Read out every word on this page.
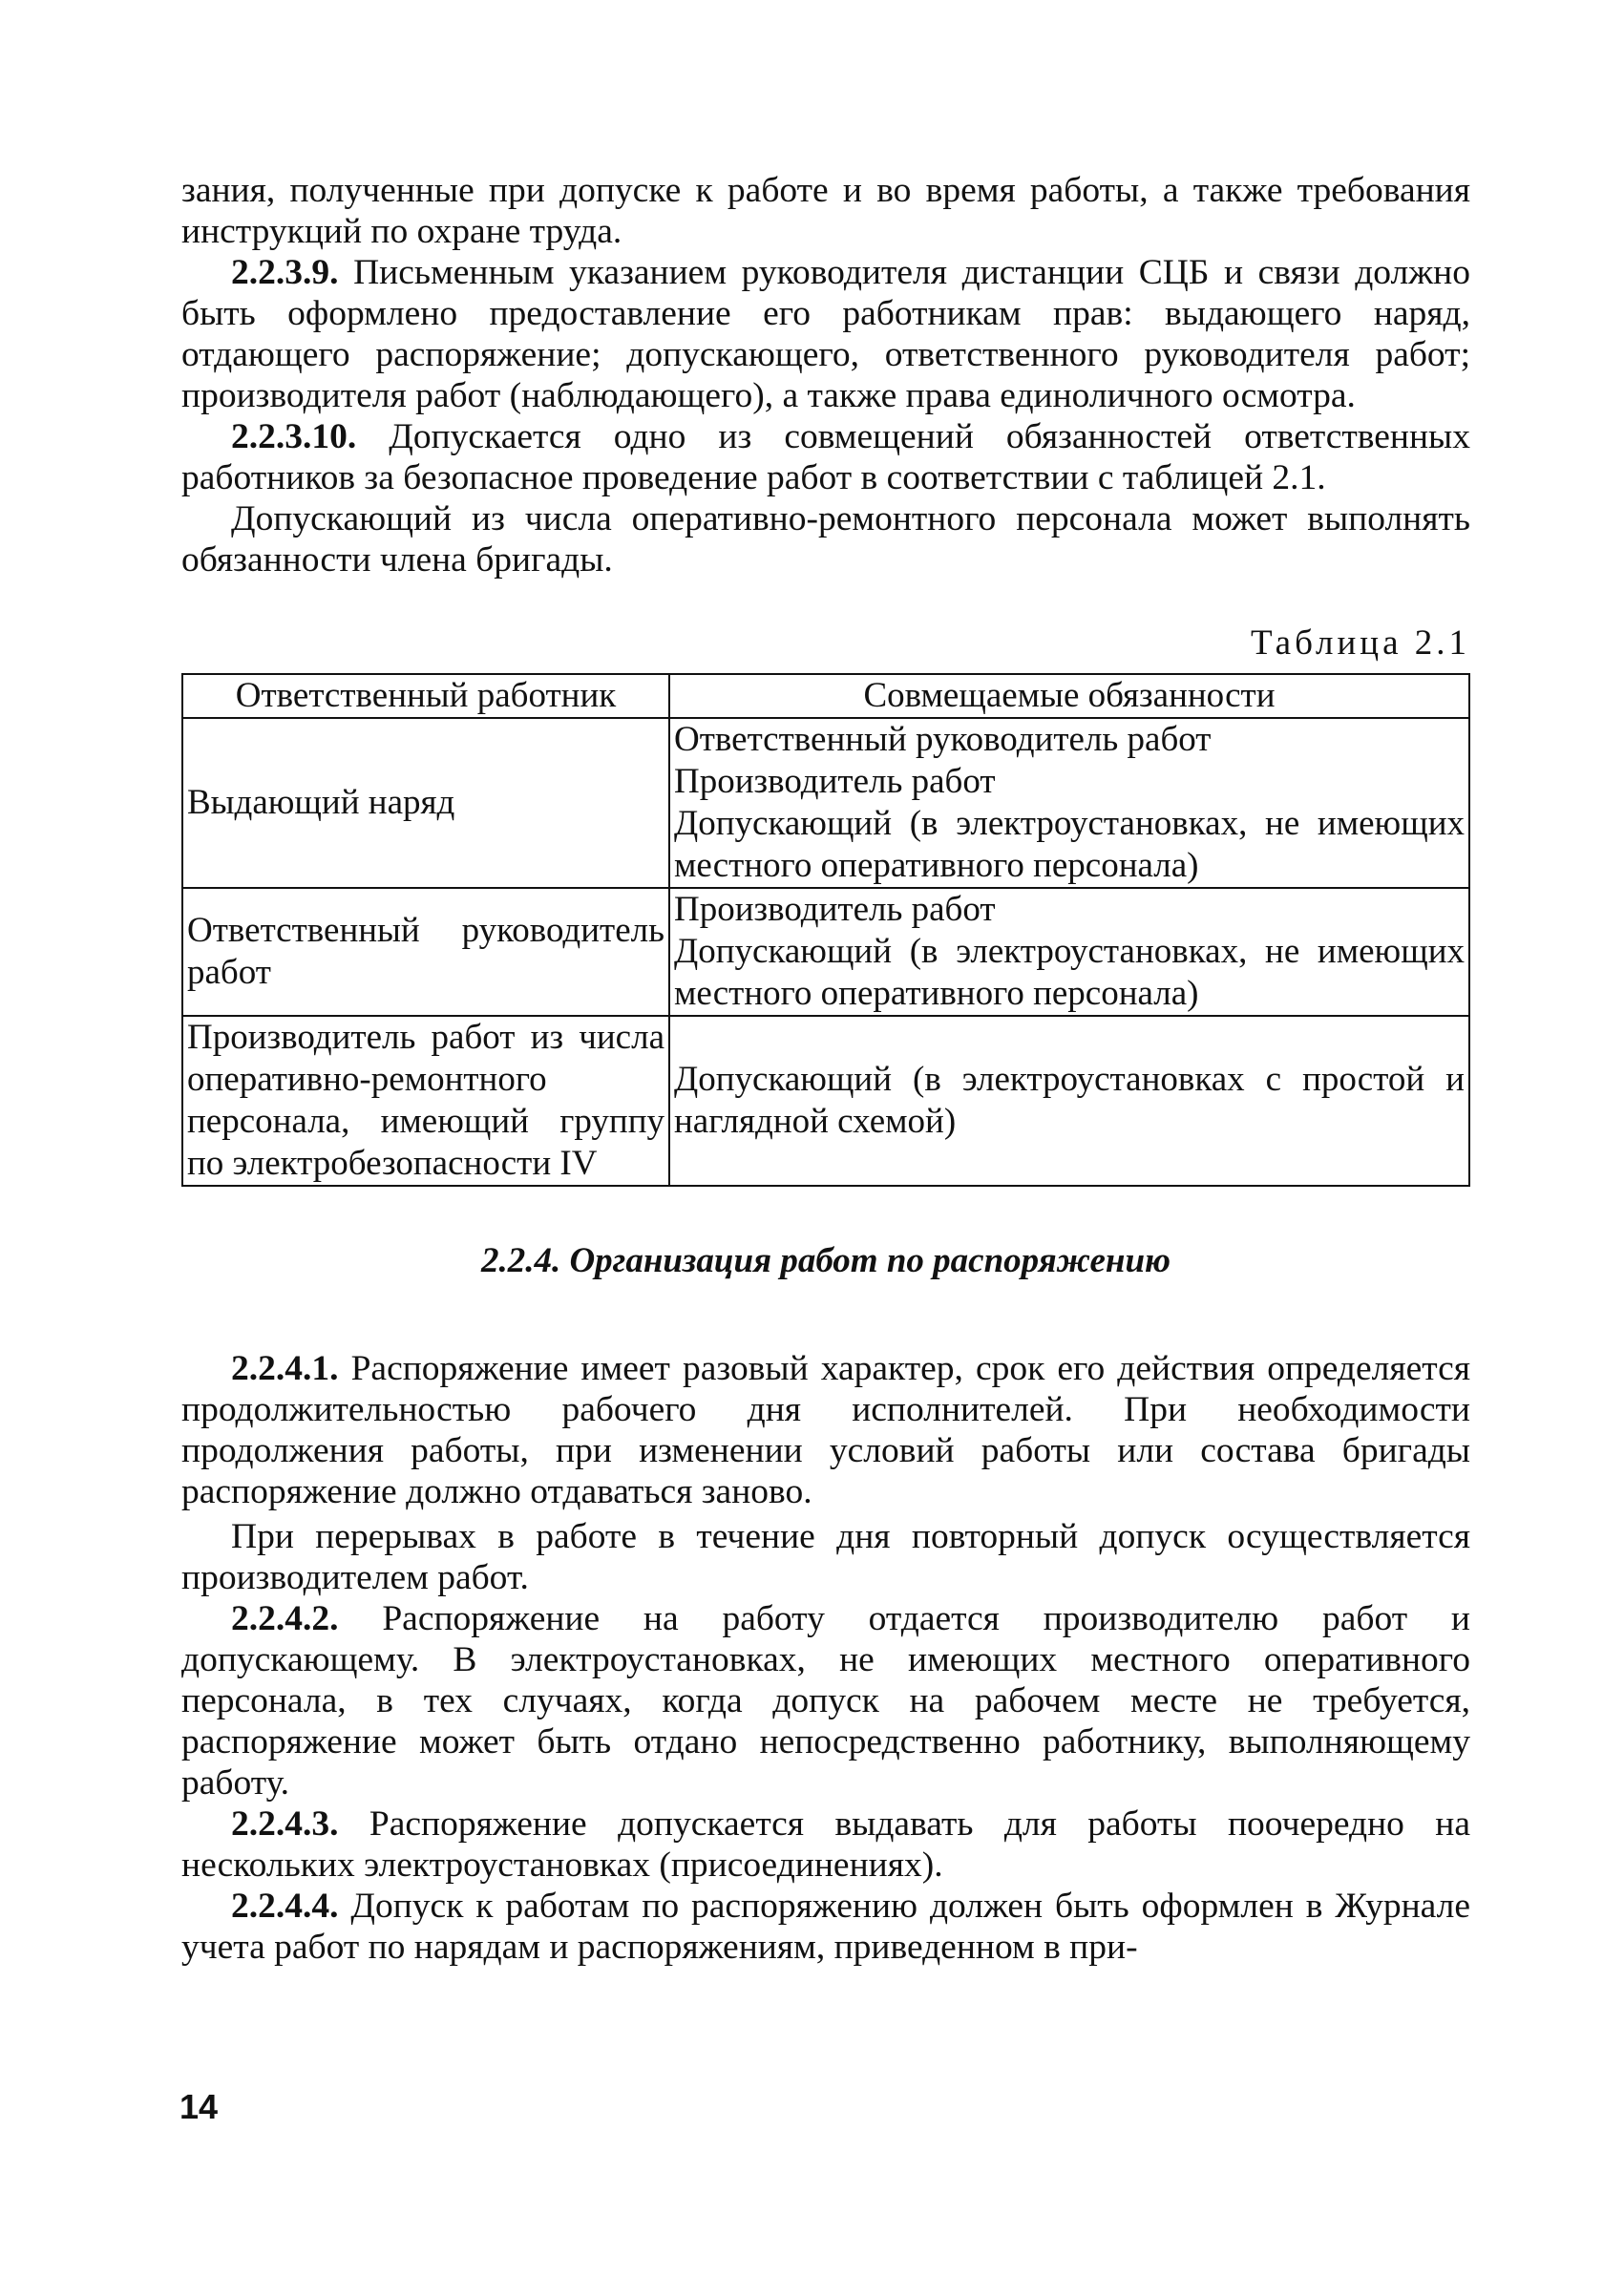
зания, полученные при допуске к работе и во время работы, а также требования инструкций по охране труда.

2.2.3.9. Письменным указанием руководителя дистанции СЦБ и связи должно быть оформлено предоставление его работникам прав: выдающего наряд, отдающего распоряжение; допускающего, ответственного руководителя работ; производителя работ (наблюдающего), а также права единоличного осмотра.

2.2.3.10. Допускается одно из совмещений обязанностей ответственных работников за безопасное проведение работ в соответствии с таблицей 2.1.

Допускающий из числа оперативно-ремонтного персонала может выполнять обязанности члена бригады.

Таблица 2.1
Ответственный работник	Совмещаемые обязанности
Выдающий наряд	Ответственный руководитель работ
Производитель работ
Допускающий (в электроустановках, не имеющих местного оперативного персонала)

Ответственный руководитель работ	Производитель работ
Допускающий (в электроустановках, не имеющих местного оперативного персонала)

Производитель работ из числа оперативно-ремонтного персонала, имеющий группу по электробезопасности IV	Допускающий (в электроустановках с простой и наглядной схемой)
2.2.4. Организация работ по распоряжению

2.2.4.1. Распоряжение имеет разовый характер, срок его действия определяется продолжительностью рабочего дня исполнителей. При необходимости продолжения работы, при изменении условий работы или состава бригады распоряжение должно отдаваться заново.

При перерывах в работе в течение дня повторный допуск осуществляется производителем работ.

2.2.4.2. Распоряжение на работу отдается производителю работ и допускающему. В электроустановках, не имеющих местного оперативного персонала, в тех случаях, когда допуск на рабочем месте не требуется, распоряжение может быть отдано непосредственно работнику, выполняющему работу.

2.2.4.3. Распоряжение допускается выдавать для работы поочередно на нескольких электроустановках (присоединениях).

2.2.4.4. Допуск к работам по распоряжению должен быть оформлен в Журнале учета работ по нарядам и распоряжениям, приведенном в при-

14
